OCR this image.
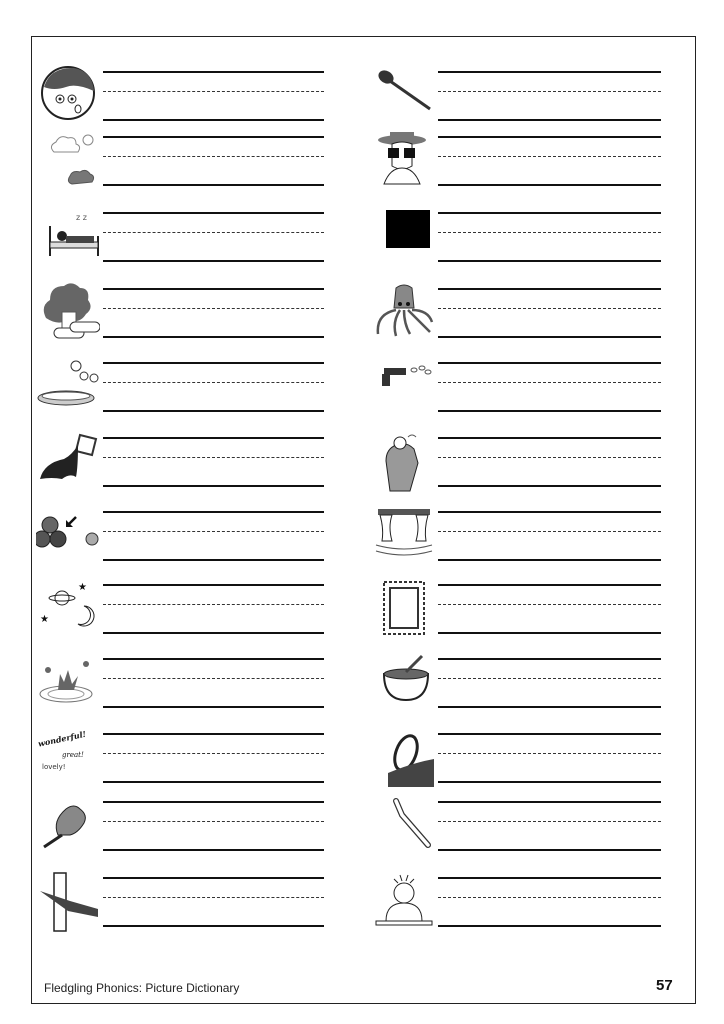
z z
★
★
wonderful!
great!
lovely!
Fledgling Phonics: Picture Dictionary	57
